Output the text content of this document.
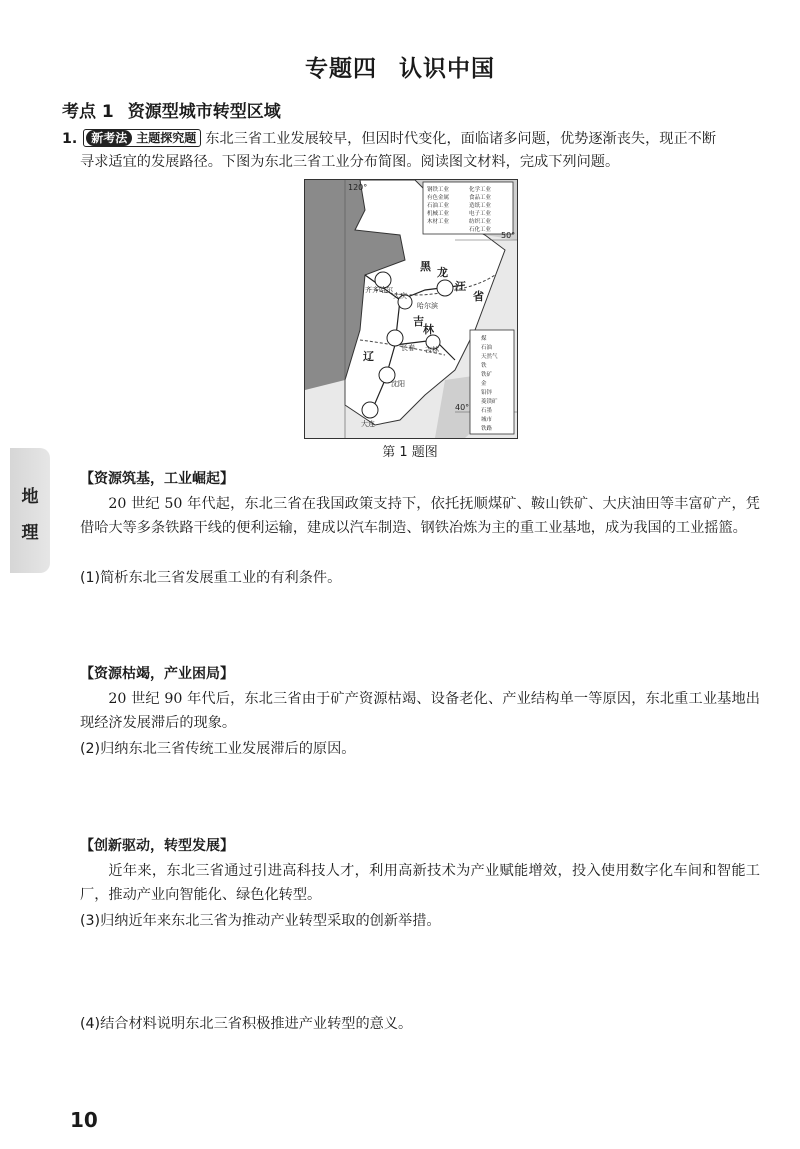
专题四 认识中国
考点 1 资源型城市转型区域
1. 新考法 主题探究题 东北三省工业发展较早，但因时代变化，面临诸多问题，优势逐渐丧失，现正不断
寻求适宜的发展路径。下图为东北三省工业分布简图。阅读图文材料，完成下列问题。
120°
50°
40°
黑 龙
江
省
吉
林
辽
大庆
哈尔滨
齐齐哈尔
吉林
长春
沈阳
大连
钢铁工业
有色金属
石油工业
机械工业
木材工业
化学工业
食品工业
造纸工业
电子工业
纺织工业
石化工业
煤
石油
天然气
铁
铁矿
金
铅锌
菱镁矿
石墨
城市
铁路
第 1 题图
地
理
【资源筑基，工业崛起】
20 世纪 50 年代起，东北三省在我国政策支持下，依托抚顺煤矿、鞍山铁矿、大庆油田等丰富矿产，凭借哈大等多条铁路干线的便利运输，建成以汽车制造、钢铁冶炼为主的重工业基地，成为我国的工业摇篮。
(1)简析东北三省发展重工业的有利条件。
【资源枯竭，产业困局】
20 世纪 90 年代后，东北三省由于矿产资源枯竭、设备老化、产业结构单一等原因，东北重工业基地出现经济发展滞后的现象。
(2)归纳东北三省传统工业发展滞后的原因。
【创新驱动，转型发展】
近年来，东北三省通过引进高科技人才，利用高新技术为产业赋能增效，投入使用数字化车间和智能工厂，推动产业向智能化、绿色化转型。
(3)归纳近年来东北三省为推动产业转型采取的创新举措。
(4)结合材料说明东北三省积极推进产业转型的意义。
10
